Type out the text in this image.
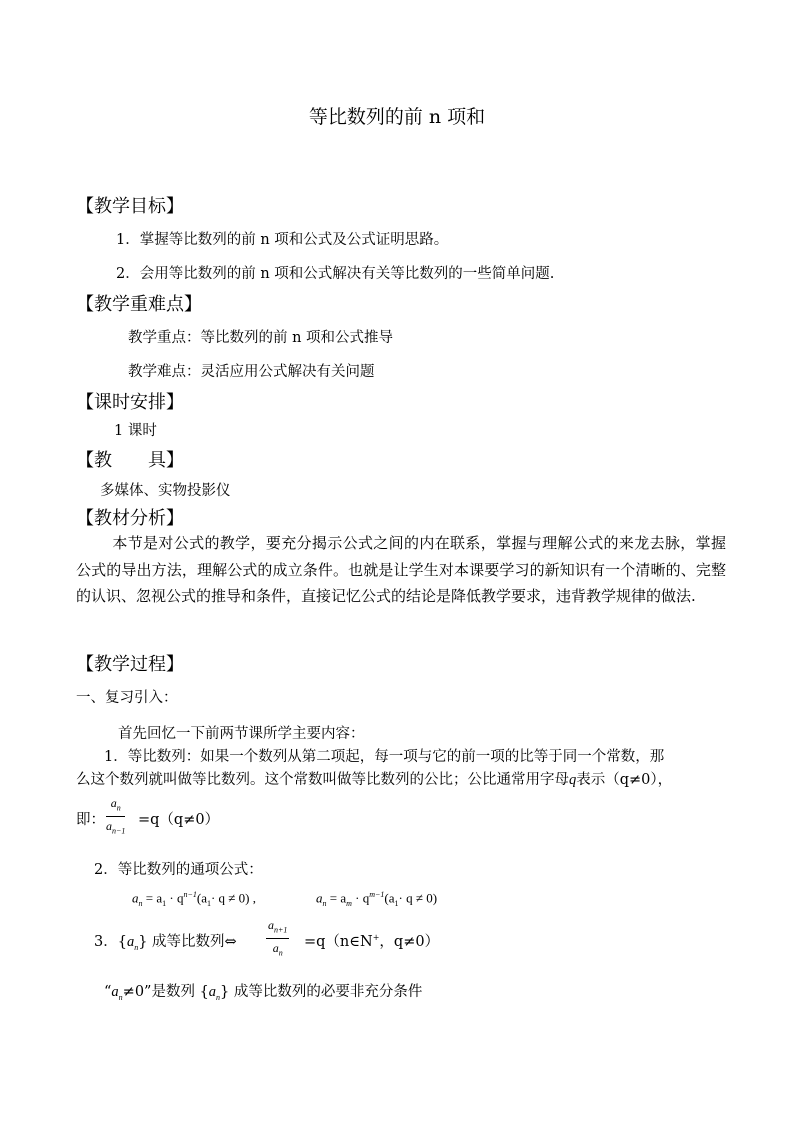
等比数列的前 n 项和
【教学目标】
1．掌握等比数列的前 n 项和公式及公式证明思路。
2．会用等比数列的前 n 项和公式解决有关等比数列的一些简单问题.
【教学重难点】
教学重点：等比数列的前 n 项和公式推导
教学难点：灵活应用公式解决有关问题
【课时安排】
1 课时
【教　　具】
多媒体、实物投影仪
【教材分析】
本节是对公式的教学，要充分揭示公式之间的内在联系，掌握与理解公式的来龙去脉，掌握公式的导出方法，理解公式的成立条件。也就是让学生对本课要学习的新知识有一个清晰的、完整的认识、忽视公式的推导和条件，直接记忆公式的结论是降低教学要求，违背教学规律的做法.
【教学过程】
一、复习引入：
首先回忆一下前两节课所学主要内容：
1．等比数列：如果一个数列从第二项起，每一项与它的前一项的比等于同一个常数，那
么这个数列就叫做等比数列。这个常数叫做等比数列的公比；公比通常用字母q表示（q≠0），
即： $\frac{a_n}{a_{n-1}} =q(q\ne 0)$
2．等比数列的通项公式：
$a_n = a_1 \cdot q^{n-1}(a_1\cdot q \ne 0)$ ,	$a_n = a_m \cdot q^{m-1}(a_1\cdot q \ne 0)$
3．$\{a_n\}$ 成等比数列⇔ $\frac{a_{n+1}}{a_n}$ =q（n∈N+，q≠0）
“$a_n\ne 0$”是数列 $\{a_n\}$ 成等比数列的必要非充分条件
